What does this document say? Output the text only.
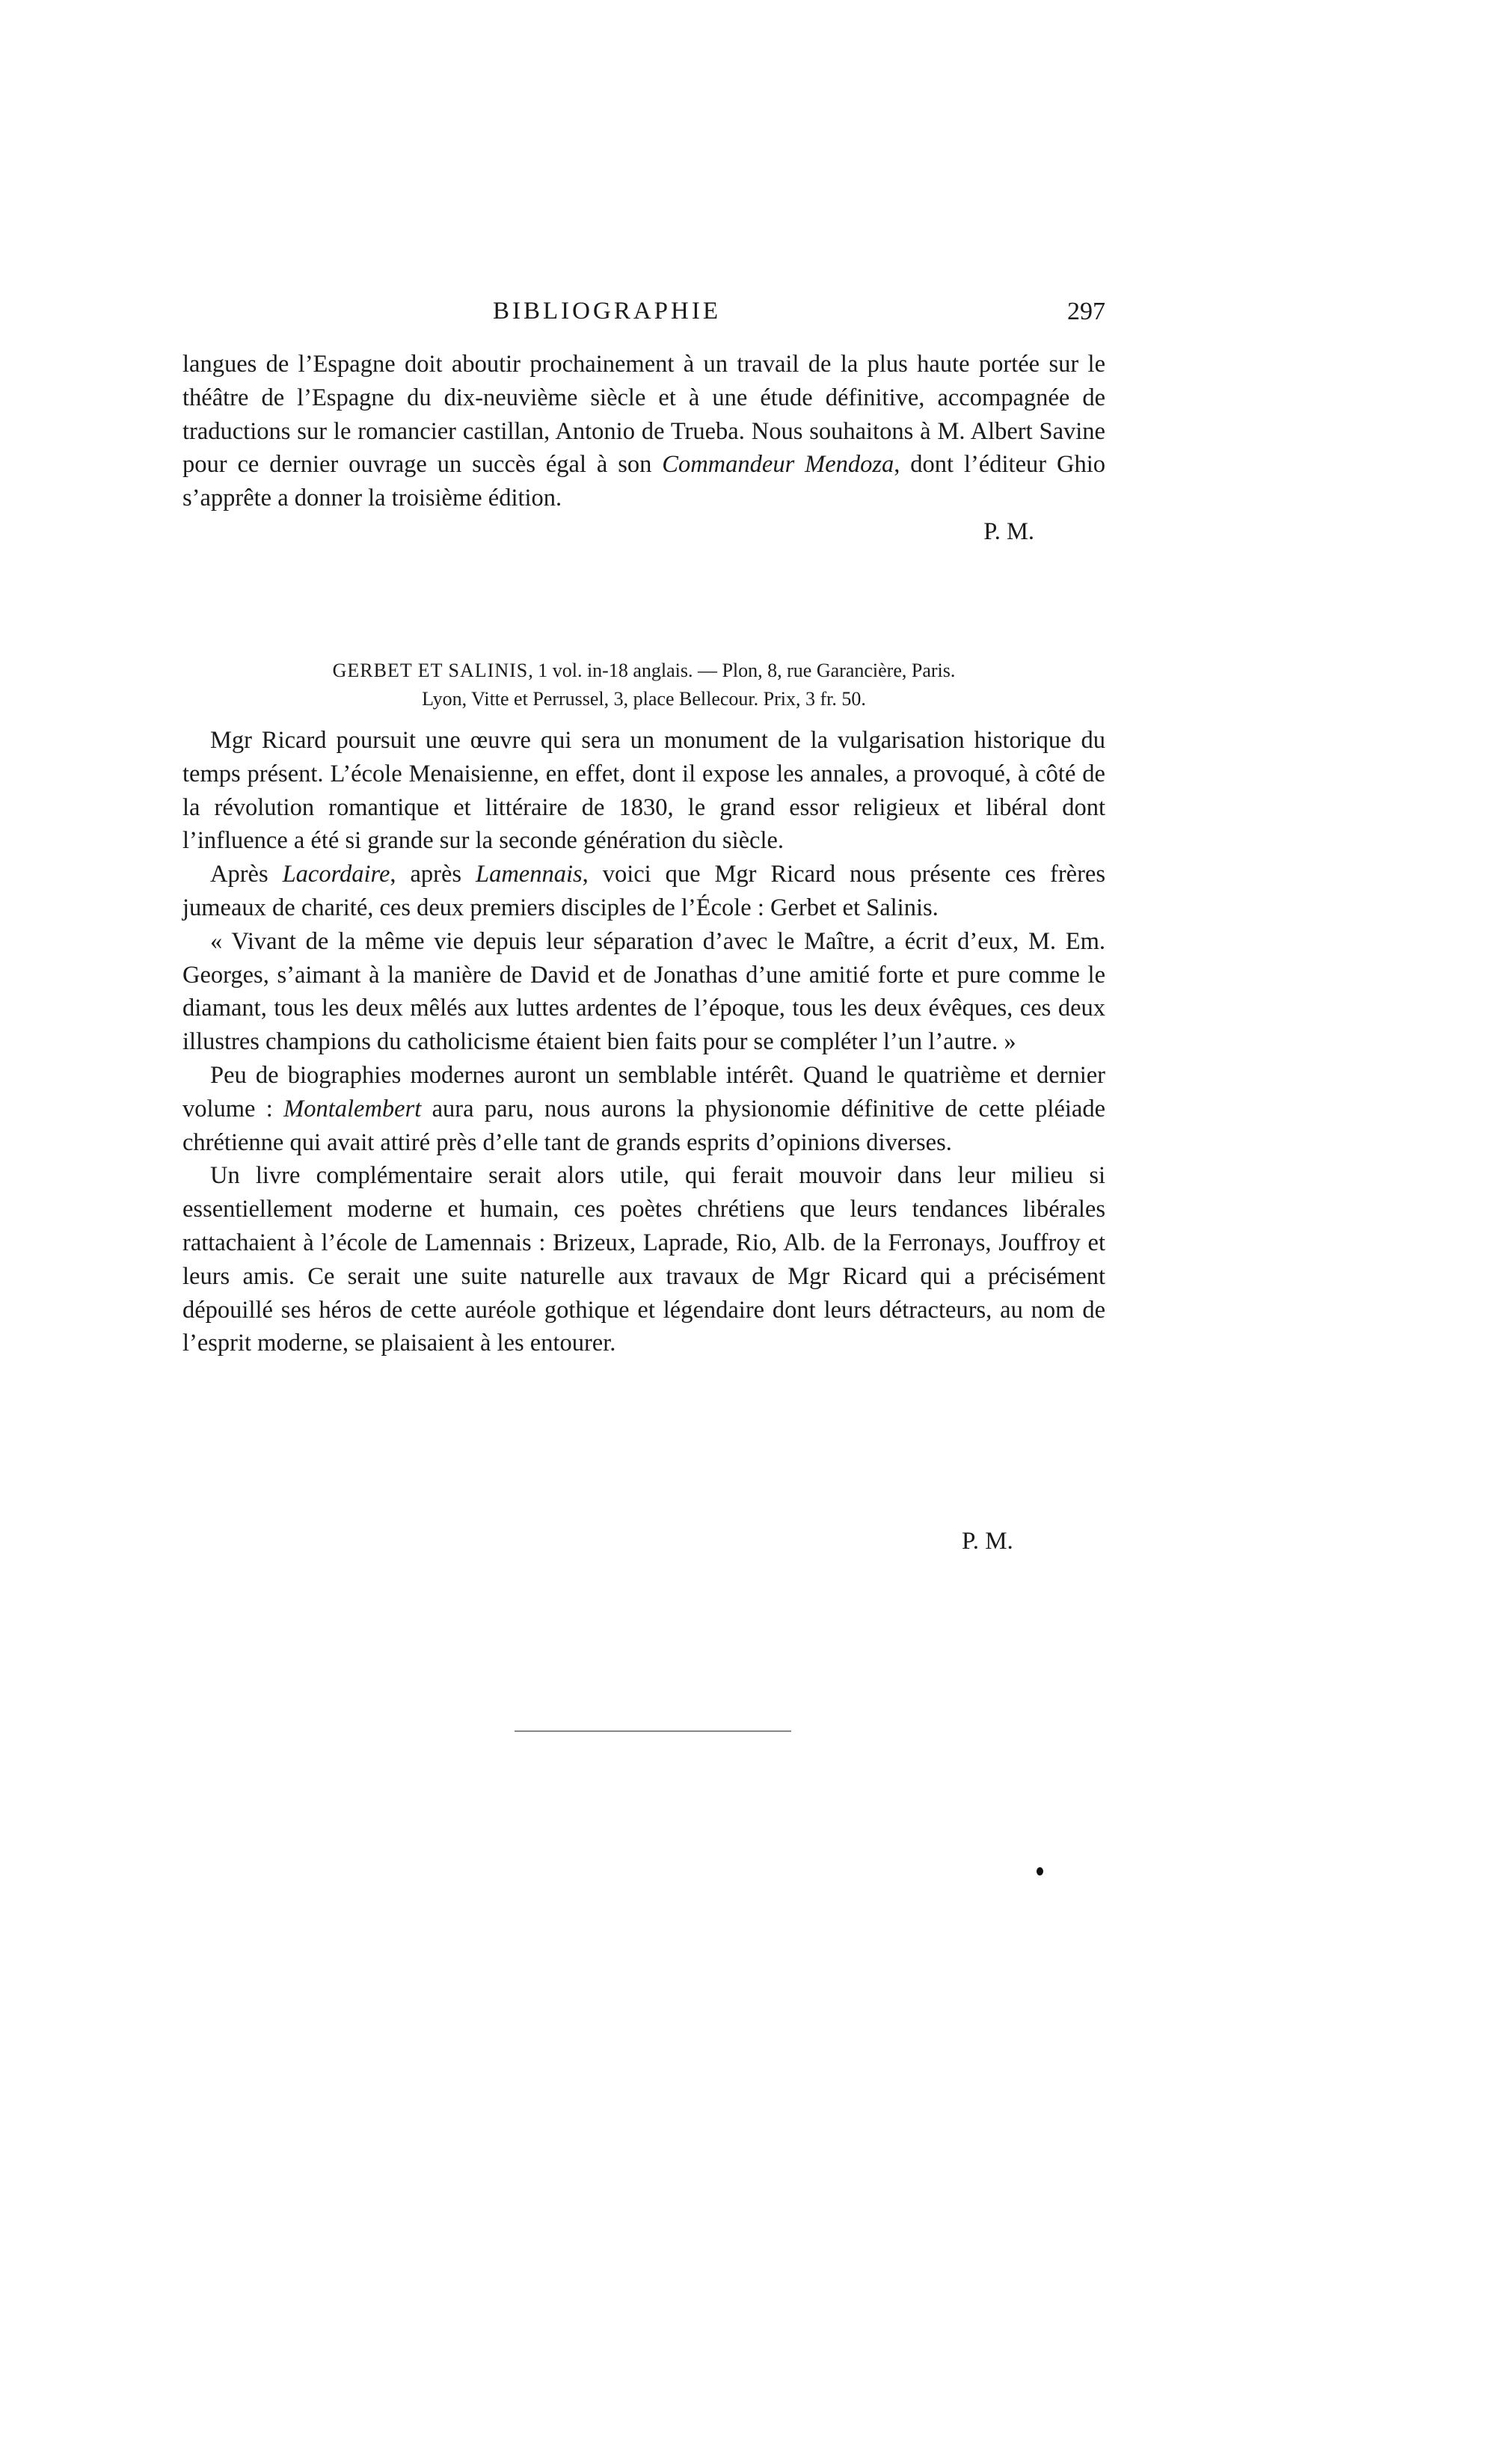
BIBLIOGRAPHIE	297

langues de l’Espagne doit aboutir prochainement à un travail de la plus haute portée sur le théâtre de l’Espagne du dix-neuvième siècle et à une étude définitive, accompagnée de traductions sur le romancier castillan, Antonio de Trueba. Nous souhaitons à M. Albert Savine pour ce dernier ouvrage un succès égal à son Commandeur Mendoza, dont l’éditeur Ghio s’apprête a donner la troisième édition.

P. M.

GERBET ET SALINIS, 1 vol. in-18 anglais. — Plon, 8, rue Garancière, Paris.
Lyon, Vitte et Perrussel, 3, place Bellecour. Prix, 3 fr. 50.

Mgr Ricard poursuit une œuvre qui sera un monument de la vulgarisation historique du temps présent. L’école Menaisienne, en effet, dont il expose les annales, a provoqué, à côté de la révolution romantique et littéraire de 1830, le grand essor religieux et libéral dont l’influence a été si grande sur la seconde génération du siècle.

Après Lacordaire, après Lamennais, voici que Mgr Ricard nous présente ces frères jumeaux de charité, ces deux premiers disciples de l’École : Gerbet et Salinis.

« Vivant de la même vie depuis leur séparation d’avec le Maître, a écrit d’eux, M. Em. Georges, s’aimant à la manière de David et de Jonathas d’une amitié forte et pure comme le diamant, tous les deux mêlés aux luttes ardentes de l’époque, tous les deux évêques, ces deux illustres champions du catholicisme étaient bien faits pour se compléter l’un l’autre. »

Peu de biographies modernes auront un semblable intérêt. Quand le quatrième et dernier volume : Montalembert aura paru, nous aurons la physionomie définitive de cette pléiade chrétienne qui avait attiré près d’elle tant de grands esprits d’opinions diverses.

Un livre complémentaire serait alors utile, qui ferait mouvoir dans leur milieu si essentiellement moderne et humain, ces poètes chrétiens que leurs tendances libérales rattachaient à l’école de Lamennais : Brizeux, Laprade, Rio, Alb. de la Ferronays, Jouffroy et leurs amis. Ce serait une suite naturelle aux travaux de Mgr Ricard qui a précisément dépouillé ses héros de cette auréole gothique et légendaire dont leurs détracteurs, au nom de l’esprit moderne, se plaisaient à les entourer.

P. M.
